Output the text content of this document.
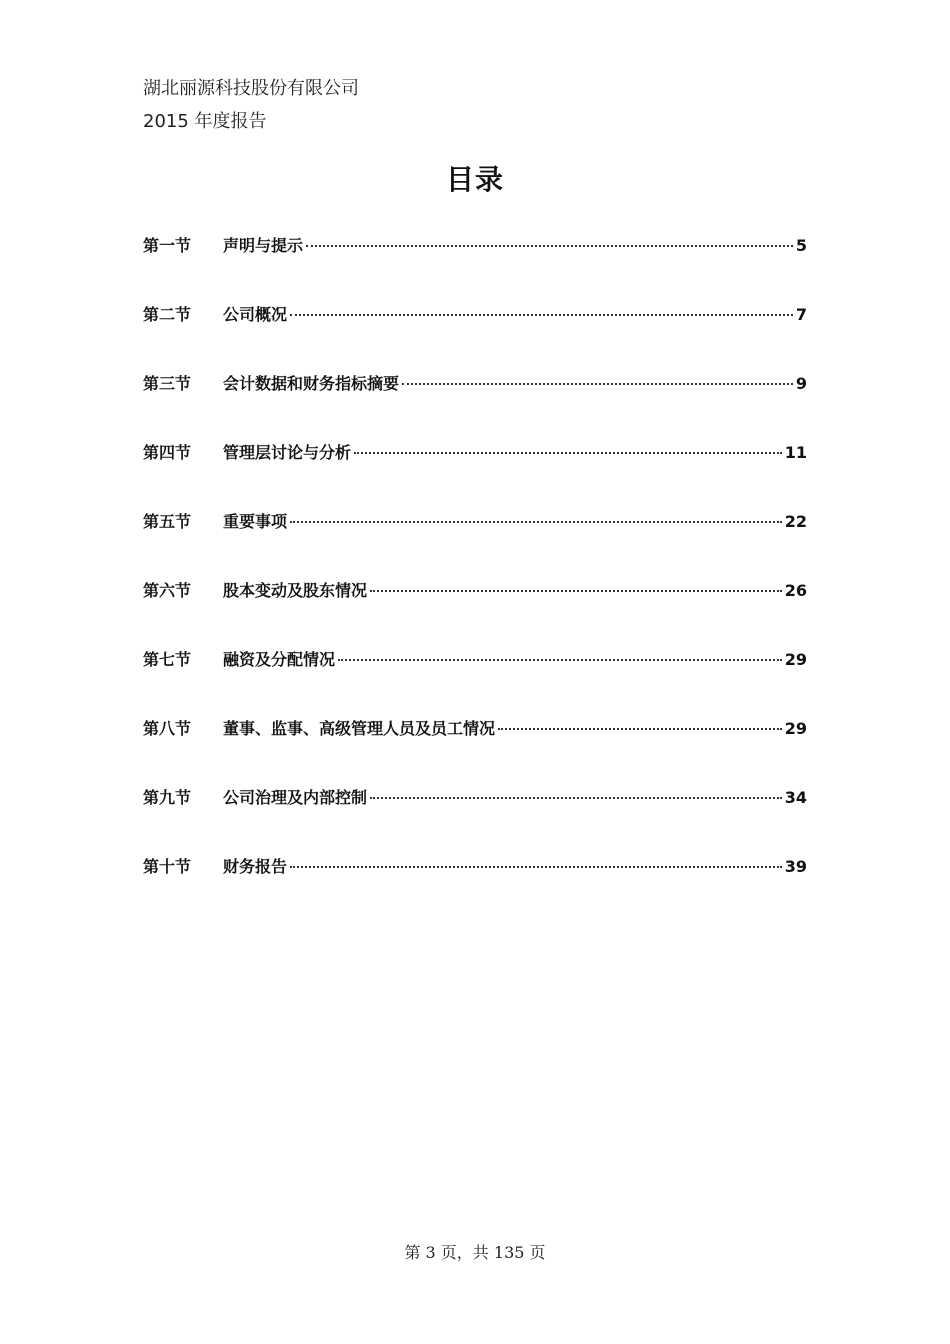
湖北丽源科技股份有限公司
2015 年度报告
目录
第一节	声明与提示	5
第二节	公司概况	7
第三节	会计数据和财务指标摘要	9
第四节	管理层讨论与分析	11
第五节	重要事项	22
第六节	股本变动及股东情况	26
第七节	融资及分配情况	29
第八节	董事、监事、高级管理人员及员工情况	29
第九节	公司治理及内部控制	34
第十节	财务报告	39
第 3 页，共 135 页
